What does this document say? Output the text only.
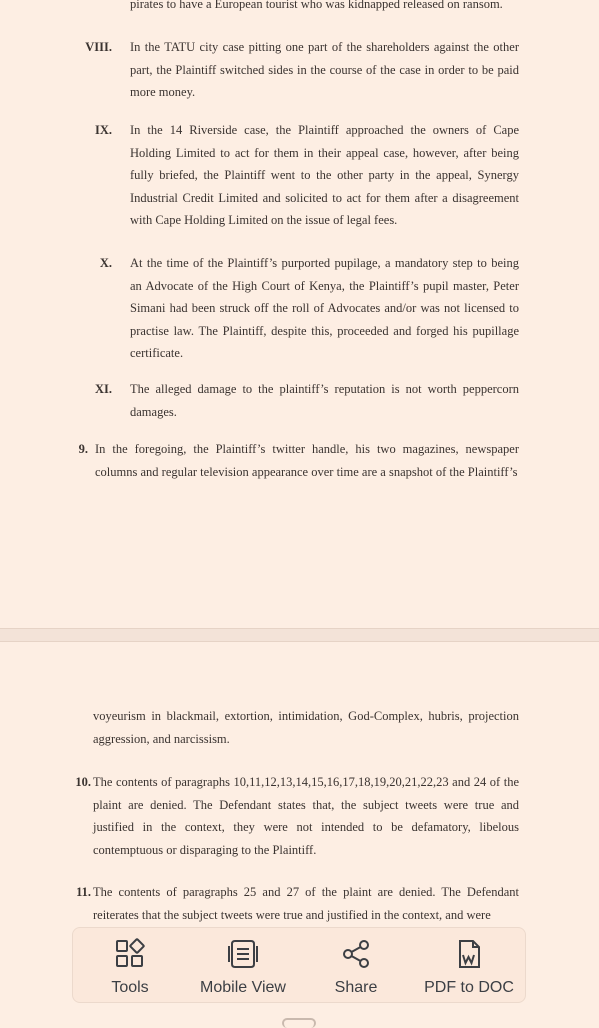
pirates to have a European tourist who was kidnapped released on ransom.
VIII. In the TATU city case pitting one part of the shareholders against the other part, the Plaintiff switched sides in the course of the case in order to be paid more money.
IX. In the 14 Riverside case, the Plaintiff approached the owners of Cape Holding Limited to act for them in their appeal case, however, after being fully briefed, the Plaintiff went to the other party in the appeal, Synergy Industrial Credit Limited and solicited to act for them after a disagreement with Cape Holding Limited on the issue of legal fees.
X. At the time of the Plaintiff’s purported pupilage, a mandatory step to being an Advocate of the High Court of Kenya, the Plaintiff’s pupil master, Peter Simani had been struck off the roll of Advocates and/or was not licensed to practise law. The Plaintiff, despite this, proceeded and forged his pupillage certificate.
XI. The alleged damage to the plaintiff’s reputation is not worth peppercorn damages.
9. In the foregoing, the Plaintiff’s twitter handle, his two magazines, newspaper columns and regular television appearance over time are a snapshot of the Plaintiff’s
voyeurism in blackmail, extortion, intimidation, God-Complex, hubris, projection aggression, and narcissism.
10. The contents of paragraphs 10,11,12,13,14,15,16,17,18,19,20,21,22,23 and 24 of the plaint are denied. The Defendant states that, the subject tweets were true and justified in the context, they were not intended to be defamatory, libelous contemptuous or disparaging to the Plaintiff.
11. The contents of paragraphs 25 and 27 of the plaint are denied. The Defendant reiterates that the subject tweets were true and justified in the context, and were
Tools	Mobile View	Share	PDF to DOC
